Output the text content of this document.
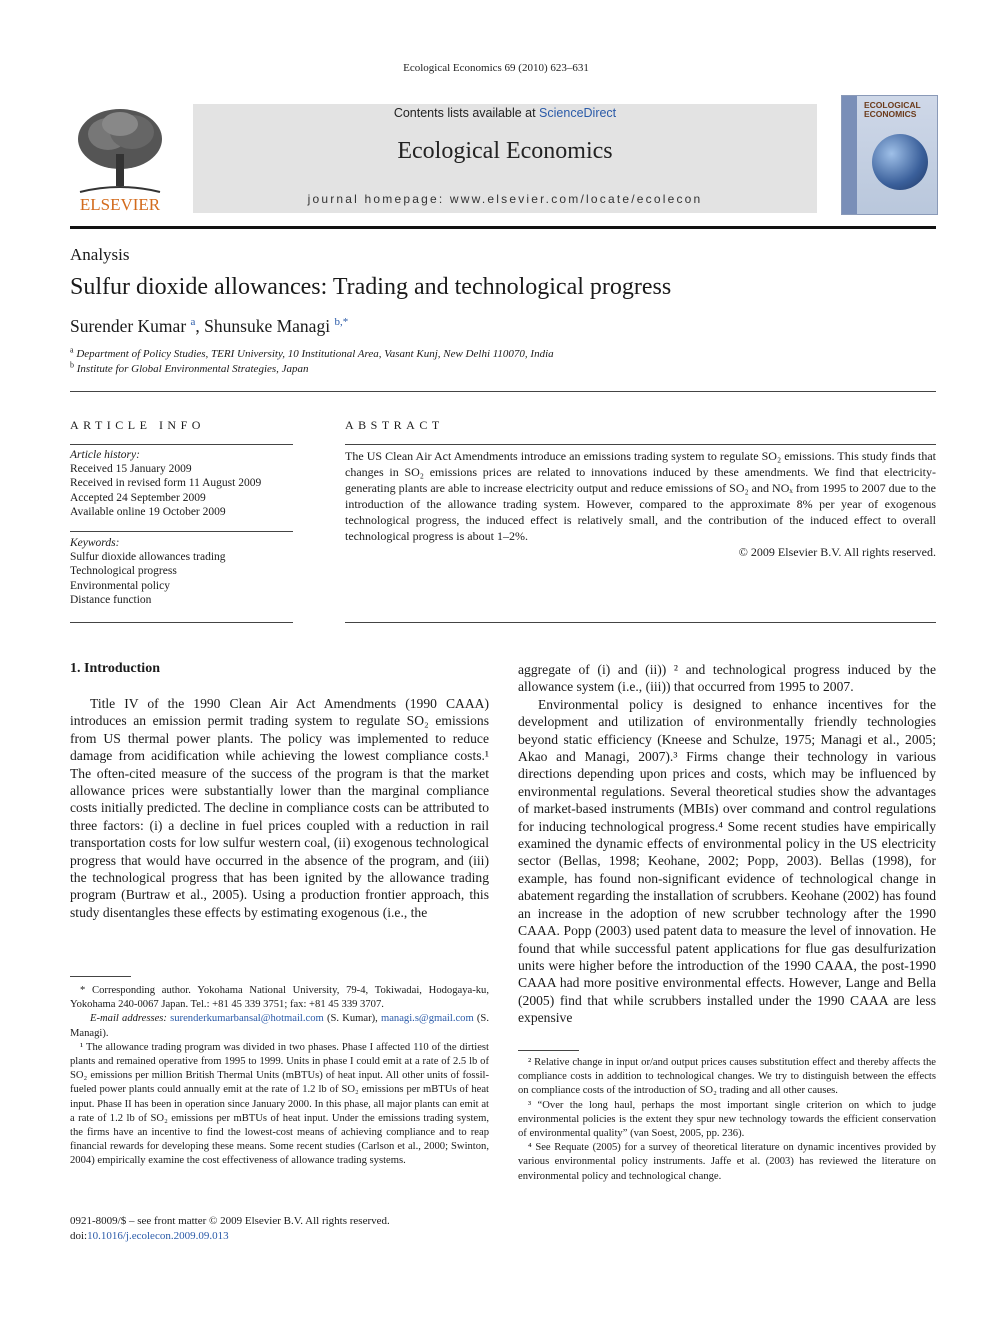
Ecological Economics 69 (2010) 623–631
ELSEVIER
Contents lists available at ScienceDirect
Ecological Economics
journal homepage: www.elsevier.com/locate/ecolecon
ECOLOGICAL ECONOMICS
Analysis
Sulfur dioxide allowances: Trading and technological progress
Surender Kumar $^a$, Shunsuke Managi $^{b,*}$
$^a$ Department of Policy Studies, TERI University, 10 Institutional Area, Vasant Kunj, New Delhi 110070, India
$^b$ Institute for Global Environmental Strategies, Japan
ARTICLE INFO
Article history:
Received 15 January 2009
Received in revised form 11 August 2009
Accepted 24 September 2009
Available online 19 October 2009
Keywords:
Sulfur dioxide allowances trading
Technological progress
Environmental policy
Distance function
ABSTRACT
The US Clean Air Act Amendments introduce an emissions trading system to regulate SO₂ emissions. This study finds that changes in SO₂ emissions prices are related to innovations induced by these amendments. We find that electricity-generating plants are able to increase electricity output and reduce emissions of SO₂ and NOₓ from 1995 to 2007 due to the introduction of the allowance trading system. However, compared to the approximate 8% per year of exogenous technological progress, the induced effect is relatively small, and the contribution of the induced effect to overall technological progress is about 1–2%.
© 2009 Elsevier B.V. All rights reserved.
1. Introduction
Title IV of the 1990 Clean Air Act Amendments (1990 CAAA) introduces an emission permit trading system to regulate SO₂ emissions from US thermal power plants. The policy was implemented to reduce damage from acidification while achieving the lowest compliance costs.¹ The often-cited measure of the success of the program is that the market allowance prices were substantially lower than the marginal compliance costs initially predicted. The decline in compliance costs can be attributed to three factors: (i) a decline in fuel prices coupled with a reduction in rail transportation costs for low sulfur western coal, (ii) exogenous technological progress that would have occurred in the absence of the program, and (iii) the technological progress that has been ignited by the allowance trading program (Burtraw et al., 2005). Using a production frontier approach, this study disentangles these effects by estimating exogenous (i.e., the
* Corresponding author. Yokohama National University, 79-4, Tokiwadai, Hodogaya-ku, Yokohama 240-0067 Japan. Tel.: +81 45 339 3751; fax: +81 45 339 3707.
E-mail addresses: surenderkumarbansal@hotmail.com (S. Kumar), managi.s@gmail.com (S. Managi).
¹ The allowance trading program was divided in two phases. Phase I affected 110 of the dirtiest plants and remained operative from 1995 to 1999. Units in phase I could emit at a rate of 2.5 lb of SO₂ emissions per million British Thermal Units (mBTUs) of heat input. All other units of fossil-fueled power plants could annually emit at the rate of 1.2 lb of SO₂ emissions per mBTUs of heat input. Phase II has been in operation since January 2000. In this phase, all major plants can emit at a rate of 1.2 lb of SO₂ emissions per mBTUs of heat input. Under the emissions trading system, the firms have an incentive to find the lowest-cost means of achieving compliance and to reap financial rewards for developing these means. Some recent studies (Carlson et al., 2000; Swinton, 2004) empirically examine the cost effectiveness of allowance trading systems.
0921-8009/$ – see front matter © 2009 Elsevier B.V. All rights reserved.
doi:10.1016/j.ecolecon.2009.09.013
aggregate of (i) and (ii)) ² and technological progress induced by the allowance system (i.e., (iii)) that occurred from 1995 to 2007.
Environmental policy is designed to enhance incentives for the development and utilization of environmentally friendly technologies beyond static efficiency (Kneese and Schulze, 1975; Managi et al., 2005; Akao and Managi, 2007).³ Firms change their technology in various directions depending upon prices and costs, which may be influenced by environmental regulations. Several theoretical studies show the advantages of market-based instruments (MBIs) over command and control regulations for inducing technological progress.⁴ Some recent studies have empirically examined the dynamic effects of environmental policy in the US electricity sector (Bellas, 1998; Keohane, 2002; Popp, 2003). Bellas (1998), for example, has found non-significant evidence of technological change in abatement regarding the installation of scrubbers. Keohane (2002) has found an increase in the adoption of new scrubber technology after the 1990 CAAA. Popp (2003) used patent data to measure the level of innovation. He found that while successful patent applications for flue gas desulfurization units were higher before the introduction of the 1990 CAAA, the post-1990 CAAA had more positive environmental effects. However, Lange and Bella (2005) find that while scrubbers installed under the 1990 CAAA are less expensive
² Relative change in input or/and output prices causes substitution effect and thereby affects the compliance costs in addition to technological changes. We try to distinguish between the effects on compliance costs of the introduction of SO₂ trading and all other causes.
³ “Over the long haul, perhaps the most important single criterion on which to judge environmental policies is the extent they spur new technology towards the efficient conservation of environmental quality” (van Soest, 2005, pp. 236).
⁴ See Requate (2005) for a survey of theoretical literature on dynamic incentives provided by various environmental policy instruments. Jaffe et al. (2003) has reviewed the literature on environmental policy and technological change.
